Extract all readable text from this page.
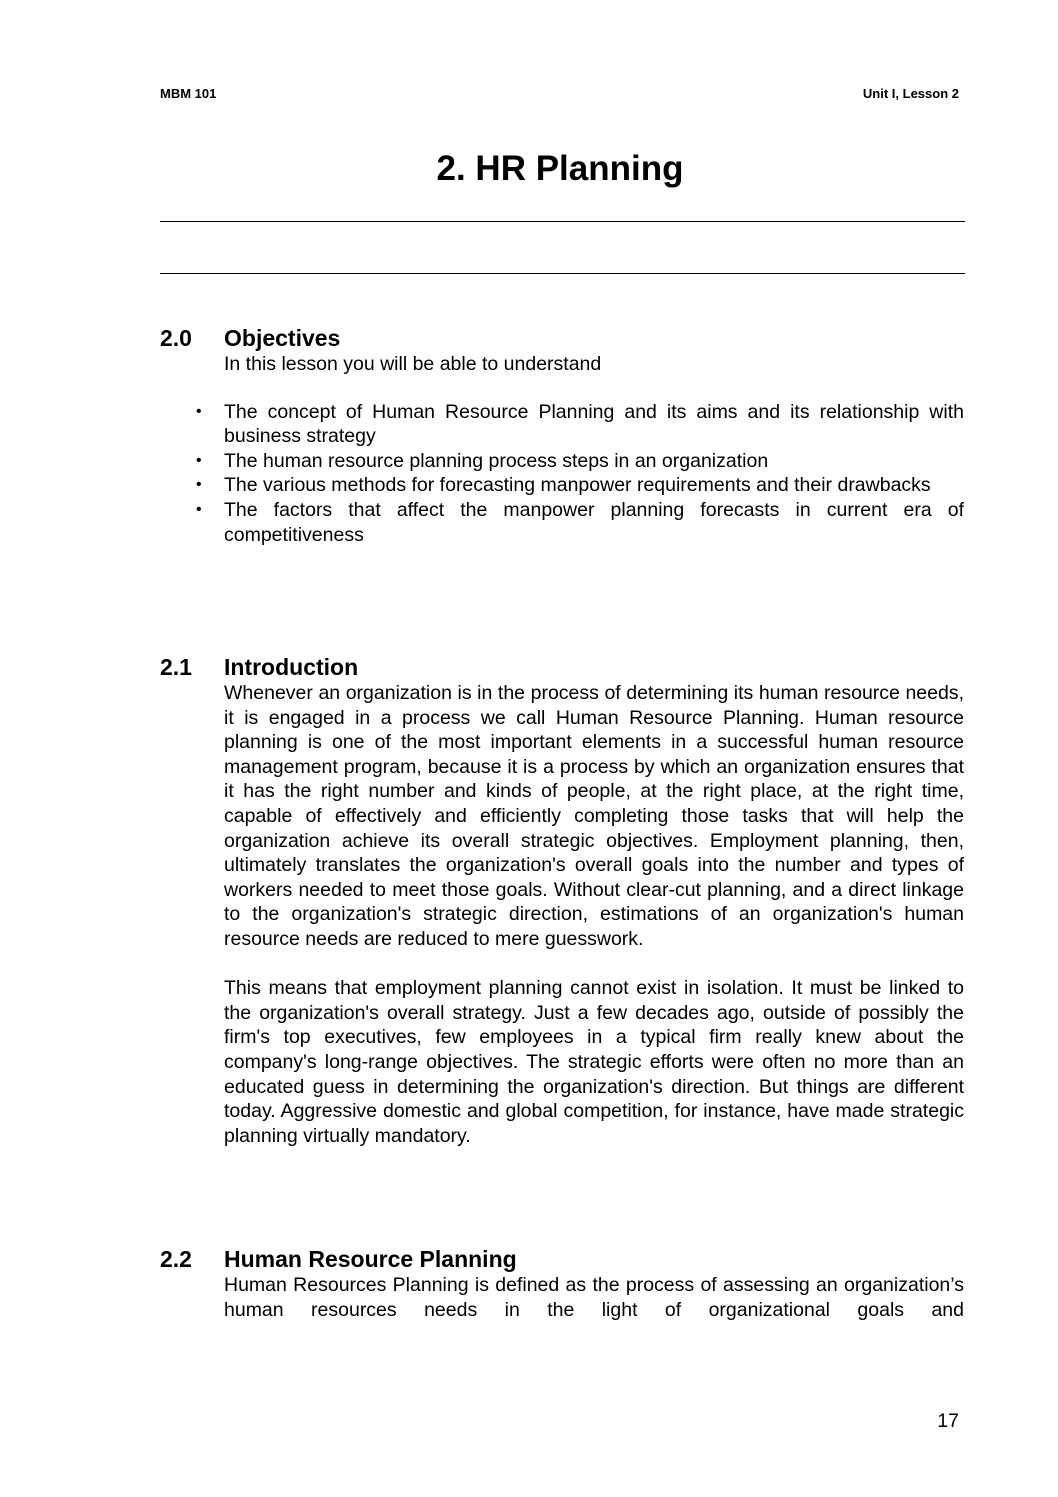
MBM 101	Unit I, Lesson 2
2. HR Planning
2.0	Objectives

In this lesson you will be able to understand

• The concept of Human Resource Planning and its aims and its relationship with business strategy
• The human resource planning process steps in an organization
• The various methods for forecasting manpower requirements and their drawbacks
• The factors that affect the manpower planning forecasts in current era of competitiveness
2.1	Introduction

Whenever an organization is in the process of determining its human resource needs, it is engaged in a process we call Human Resource Planning. Human resource planning is one of the most important elements in a successful human resource management program, because it is a process by which an organization ensures that it has the right number and kinds of people, at the right place, at the right time, capable of effectively and efficiently completing those tasks that will help the organization achieve its overall strategic objectives. Employment planning, then, ultimately translates the organization's overall goals into the number and types of workers needed to meet those goals. Without clear-cut planning, and a direct linkage to the organization's strategic direction, estimations of an organization's human resource needs are reduced to mere guesswork.

This means that employment planning cannot exist in isolation. It must be linked to the organization's overall strategy. Just a few decades ago, outside of possibly the firm's top executives, few employees in a typical firm really knew about the company's long-range objectives. The strategic efforts were often no more than an educated guess in determining the organization's direction. But things are different today. Aggressive domestic and global competition, for instance, have made strategic planning virtually mandatory.

2.2	Human Resource Planning

Human Resources Planning is defined as the process of assessing an organization’s human resources needs in the light of organizational goals and

17
